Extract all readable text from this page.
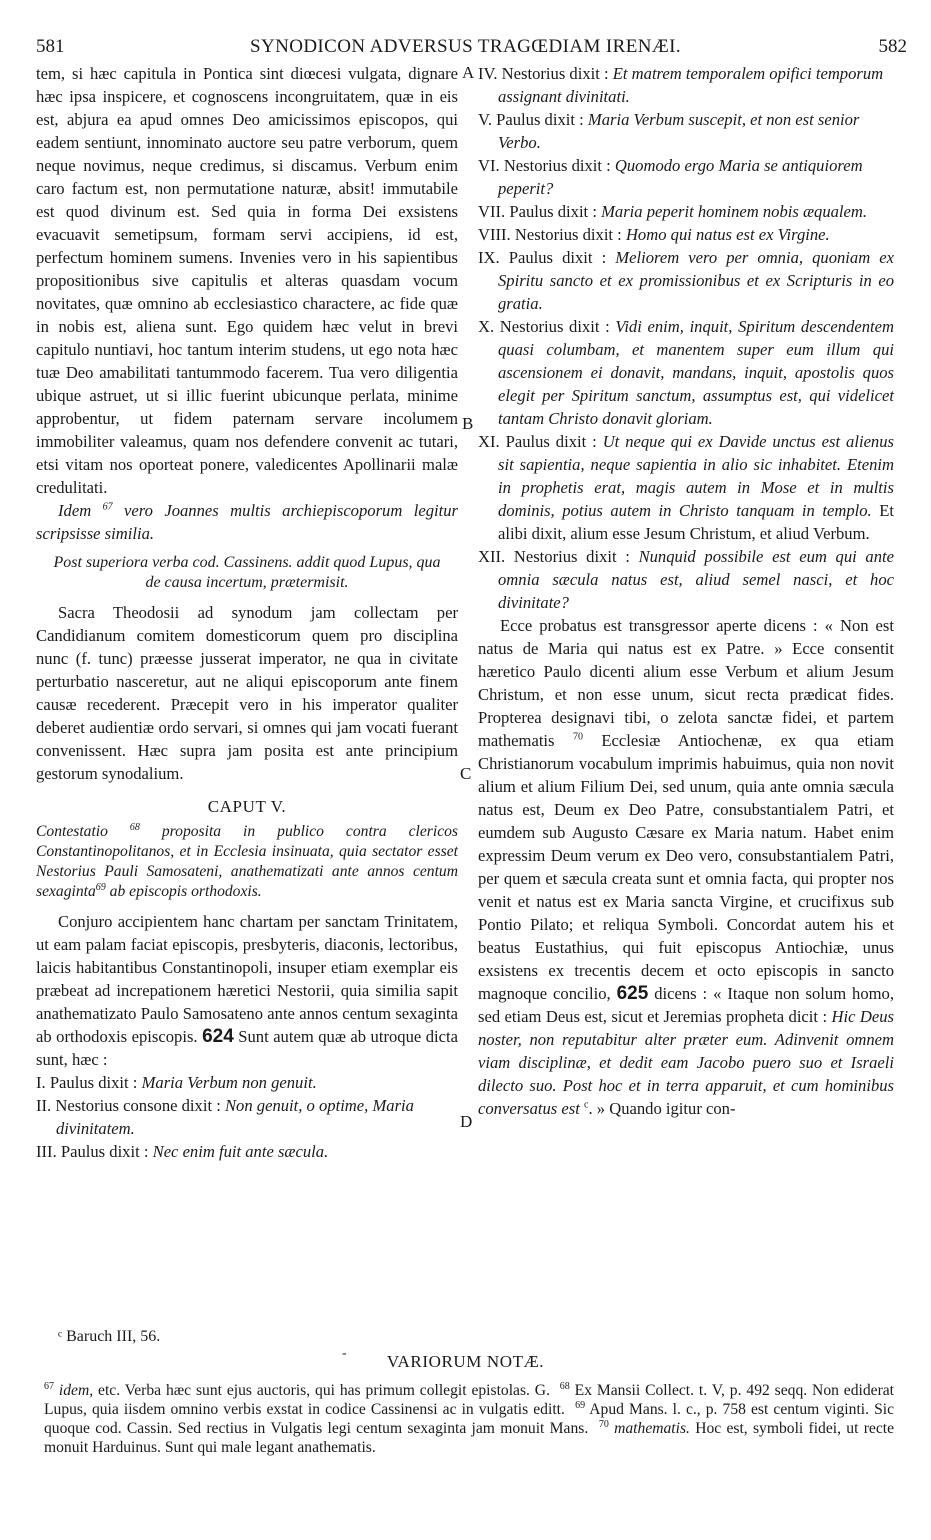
581	SYNODICON ADVERSUS TRAGŒDIAM IRENÆI.	582
A
B
C
D

tem, si hæc capitula in Pontica sint diœcesi vulgata, dignare hæc ipsa inspicere, et cognoscens incongruitatem, quæ in eis est, abjura ea apud omnes Deo amicissimos episcopos, qui eadem sentiunt, innominato auctore seu patre verborum, quem neque novimus, neque credimus, si discamus. Verbum enim caro factum est, non permutatione naturæ, absit! immutabile est quod divinum est. Sed quia in forma Dei exsistens evacuavit semetipsum, formam servi accipiens, id est, perfectum hominem sumens. Invenies vero in his sapientibus propositionibus sive capitulis et alteras quasdam vocum novitates, quæ omnino ab ecclesiastico charactere, ac fide quæ in nobis est, aliena sunt. Ego quidem hæc velut in brevi capitulo nuntiavi, hoc tantum interim studens, ut ego nota hæc tuæ Deo amabilitati tantummodo facerem. Tua vero diligentia ubique astruet, ut si illic fuerint ubicunque perlata, minime approbentur, ut fidem paternam servare incolumem immobiliter valeamus, quam nos defendere convenit ac tutari, etsi vitam nos oporteat ponere, valedicentes Apollinarii malæ credulitati.

Idem $^{67}$ vero Joannes multis archiepiscoporum legitur scripsisse similia.

Post superiora verba cod. Cassinens. addit quod Lupus, qua de causa incertum, prætermisit.

Sacra Theodosii ad synodum jam collectam per Candidianum comitem domesticorum quem pro disciplina nunc (f. tunc) præesse jusserat imperator, ne qua in civitate perturbatio nasceretur, aut ne aliqui episcoporum ante finem causæ recederent. Præcepit vero in his imperator qualiter deberet audientiæ ordo servari, si omnes qui jam vocati fuerant convenissent. Hæc supra jam posita est ante principium gestorum synodalium.

CAPUT V.

Contestatio $^{68}$ proposita in publico contra clericos Constantinopolitanos, et in Ecclesia insinuata, quia sectator esset Nestorius Pauli Samosateni, anathematizati ante annos centum sexaginta$^{69}$ ab episcopis orthodoxis.

Conjuro accipientem hanc chartam per sanctam Trinitatem, ut eam palam faciat episcopis, presbyteris, diaconis, lectoribus, laicis habitantibus Constantinopoli, insuper etiam exemplar eis præbeat ad increpationem hæretici Nestorii, quia similia sapit anathematizato Paulo Samosateno ante annos centum sexaginta ab orthodoxis episcopis. 624 Sunt autem quæ ab utroque dicta sunt, hæc :

I. Paulus dixit : Maria Verbum non genuit.

II. Nestorius consone dixit : Non genuit, o optime, Maria divinitatem.

III. Paulus dixit : Nec enim fuit ante sæcula.

IV. Nestorius dixit : Et matrem temporalem opifici temporum assignant divinitati.

V. Paulus dixit : Maria Verbum suscepit, et non est senior Verbo.

VI. Nestorius dixit : Quomodo ergo Maria se antiquiorem peperit?

VII. Paulus dixit : Maria peperit hominem nobis æqualem.

VIII. Nestorius dixit : Homo qui natus est ex Virgine.

IX. Paulus dixit : Meliorem vero per omnia, quoniam ex Spiritu sancto et ex promissionibus et ex Scripturis in eo gratia.

X. Nestorius dixit : Vidi enim, inquit, Spiritum descendentem quasi columbam, et manentem super eum illum qui ascensionem ei donavit, mandans, inquit, apostolis quos elegit per Spiritum sanctum, assumptus est, qui videlicet tantam Christo donavit gloriam.

XI. Paulus dixit : Ut neque qui ex Davide unctus est alienus sit sapientia, neque sapientia in alio sic inhabitet. Etenim in prophetis erat, magis autem in Mose et in multis dominis, potius autem in Christo tanquam in templo. Et alibi dixit, alium esse Jesum Christum, et aliud Verbum.

XII. Nestorius dixit : Nunquid possibile est eum qui ante omnia sæcula natus est, aliud semel nasci, et hoc divinitate?

Ecce probatus est transgressor aperte dicens : « Non est natus de Maria qui natus est ex Patre. » Ecce consentit hæretico Paulo dicenti alium esse Verbum et alium Jesum Christum, et non esse unum, sicut recta prædicat fides. Propterea designavi tibi, o zelota sanctæ fidei, et partem mathematis $^{70}$ Ecclesiæ Antiochenæ, ex qua etiam Christianorum vocabulum imprimis habuimus, quia non novit alium et alium Filium Dei, sed unum, quia ante omnia sæcula natus est, Deum ex Deo Patre, consubstantialem Patri, et eumdem sub Augusto Cæsare ex Maria natum. Habet enim expressim Deum verum ex Deo vero, consubstantialem Patri, per quem et sæcula creata sunt et omnia facta, qui propter nos venit et natus est ex Maria sancta Virgine, et crucifixus sub Pontio Pilato; et reliqua Symboli. Concordat autem his et beatus Eustathius, qui fuit episcopus Antiochiæ, unus exsistens ex trecentis decem et octo episcopis in sancto magnoque concilio, 625 dicens : « Itaque non solum homo, sed etiam Deus est, sicut et Jeremias propheta dicit : Hic Deus noster, non reputabitur alter præter eum. Adinvenit omnem viam disciplinæ, et dedit eam Jacobo puero suo et Israeli dilecto suo. Post hoc et in terra apparuit, et cum hominibus conversatus est $^c$. » Quando igitur con-

ᶜ Baruch III, 56.
-	VARIORUM NOTÆ.
$^{67}$ idem, etc. Verba hæc sunt ejus auctoris, qui has primum collegit epistolas. G. $^{68}$ Ex Mansii Collect. t. V, p. 492 seqq. Non ediderat Lupus, quia iisdem omnino verbis exstat in codice Cassinensi ac in vulgatis editt. $^{69}$ Apud Mans. l. c., p. 758 est centum viginti. Sic quoque cod. Cassin. Sed rectius in Vulgatis legi centum sexaginta jam monuit Mans. $^{70}$ mathematis. Hoc est, symboli fidei, ut recte monuit Harduinus. Sunt qui male legant anathematis.
